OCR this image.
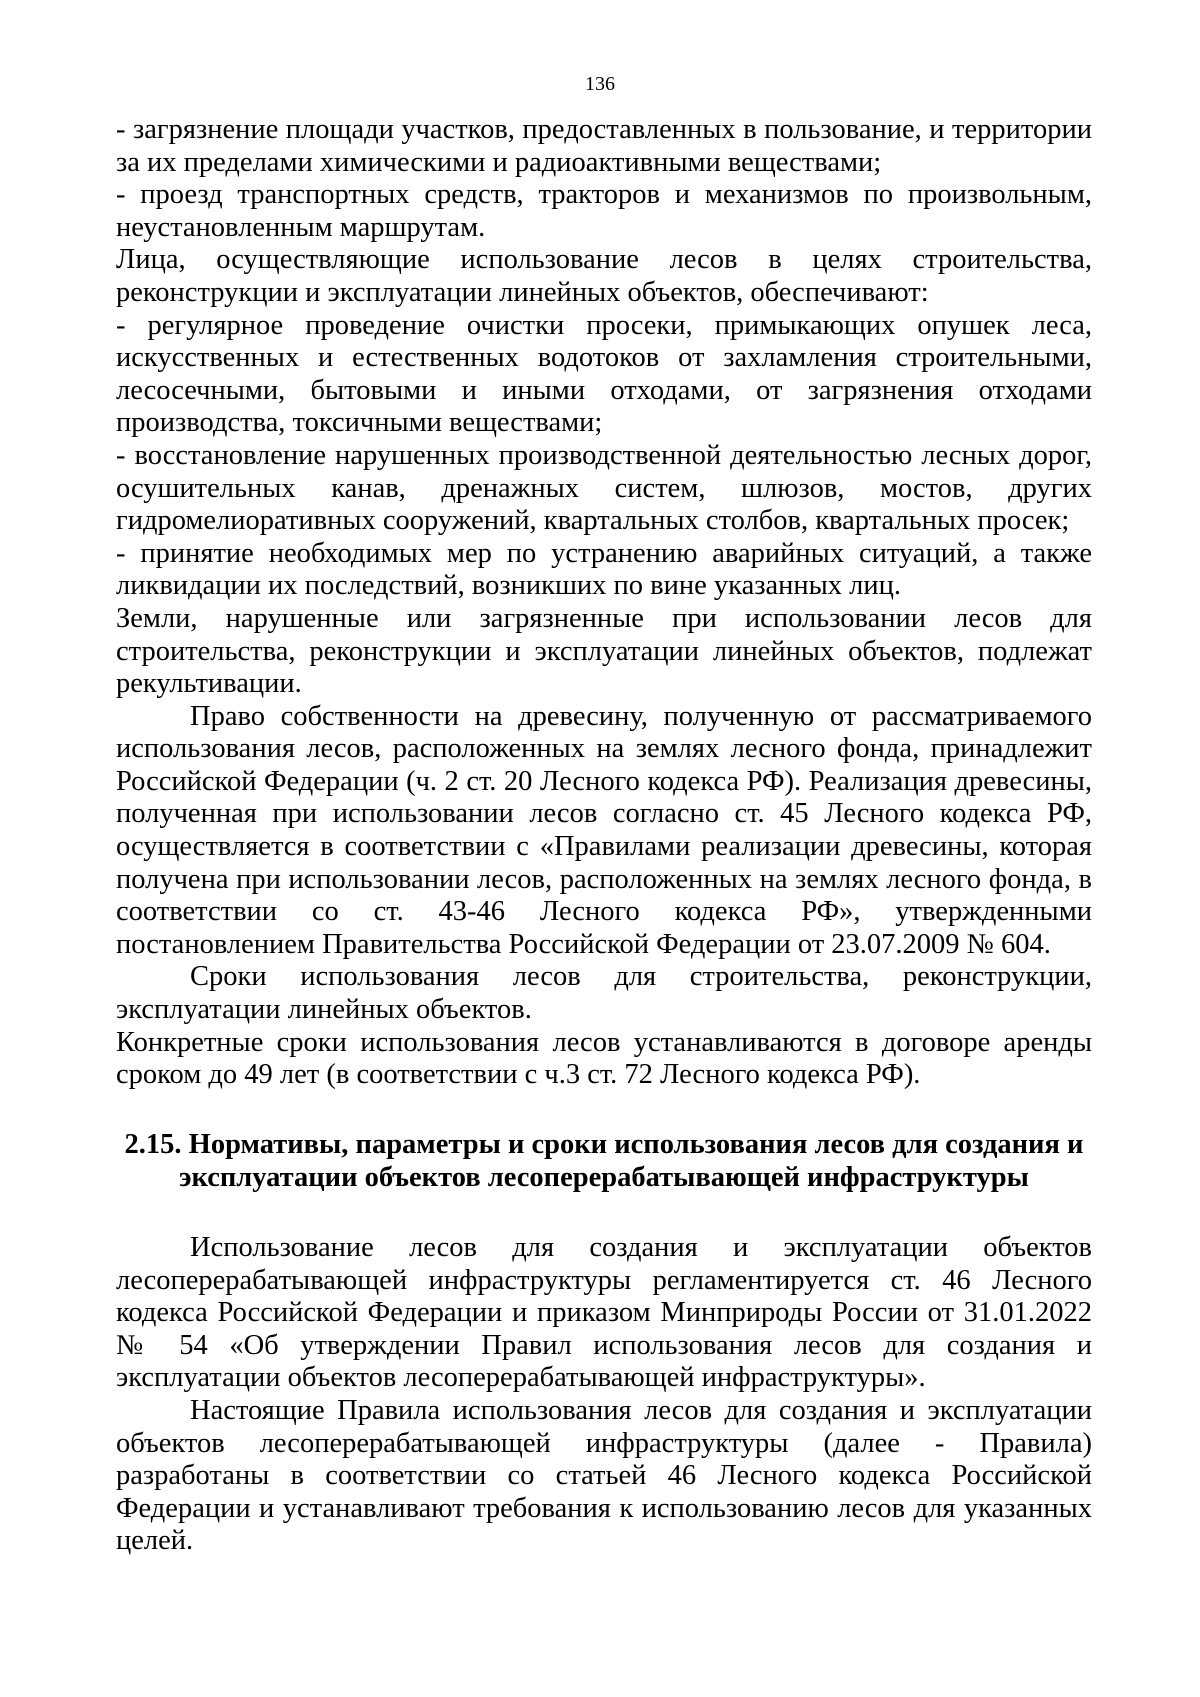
136

- загрязнение площади участков, предоставленных в пользование, и территории за их пределами химическими и радиоактивными веществами;

- проезд транспортных средств, тракторов и механизмов по произвольным, неустановленным маршрутам.

Лица, осуществляющие использование лесов в целях строительства, реконструкции и эксплуатации линейных объектов, обеспечивают:

- регулярное проведение очистки просеки, примыкающих опушек леса, искусственных и естественных водотоков от захламления строительными, лесосечными, бытовыми и иными отходами, от загрязнения отходами производства, токсичными веществами;

- восстановление нарушенных производственной деятельностью лесных дорог, осушительных канав, дренажных систем, шлюзов, мостов, других гидромелиоративных сооружений, квартальных столбов, квартальных просек;

- принятие необходимых мер по устранению аварийных ситуаций, а также ликвидации их последствий, возникших по вине указанных лиц.

Земли, нарушенные или загрязненные при использовании лесов для строительства, реконструкции и эксплуатации линейных объектов, подлежат рекультивации.

Право собственности на древесину, полученную от рассматриваемого использования лесов, расположенных на землях лесного фонда, принадлежит Российской Федерации (ч. 2 ст. 20 Лесного кодекса РФ). Реализация древесины, полученная при использовании лесов согласно ст. 45 Лесного кодекса РФ, осуществляется в соответствии с «Правилами реализации древесины, которая получена при использовании лесов, расположенных на землях лесного фонда, в соответствии со ст. 43-46 Лесного кодекса РФ», утвержденными постановлением Правительства Российской Федерации от 23.07.2009 № 604.

Сроки использования лесов для строительства, реконструкции, эксплуатации линейных объектов.

Конкретные сроки использования лесов устанавливаются в договоре аренды сроком до 49 лет (в соответствии с ч.3 ст. 72 Лесного кодекса РФ).

2.15. Нормативы, параметры и сроки использования лесов для создания и эксплуатации объектов лесоперерабатывающей инфраструктуры

Использование лесов для создания и эксплуатации объектов лесоперерабатывающей инфраструктуры регламентируется ст. 46 Лесного кодекса Российской Федерации и приказом Минприроды России от 31.01.2022 № 54 «Об утверждении Правил использования лесов для создания и эксплуатации объектов лесоперерабатывающей инфраструктуры».

Настоящие Правила использования лесов для создания и эксплуатации объектов лесоперерабатывающей инфраструктуры (далее - Правила) разработаны в соответствии со статьей 46 Лесного кодекса Российской Федерации и устанавливают требования к использованию лесов для указанных целей.
